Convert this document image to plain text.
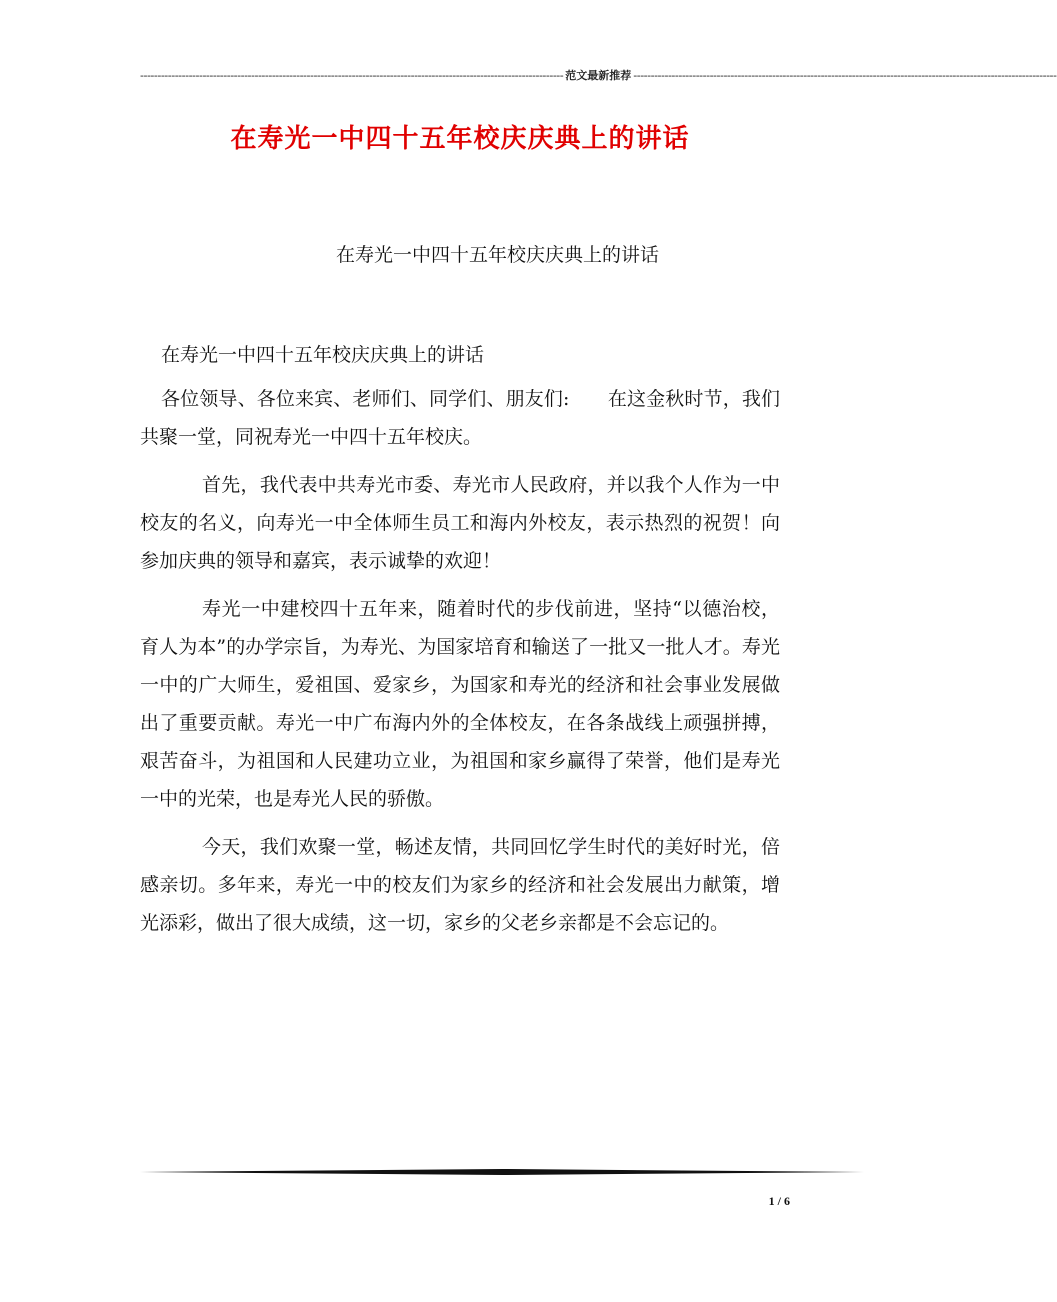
-------------------------------------------------------------------------------------------------------------------------- 范文最新推荐 --------------------------------------------------------------------------------------------------------------------------
在寿光一中四十五年校庆庆典上的讲话
在寿光一中四十五年校庆庆典上的讲话

在寿光一中四十五年校庆庆典上的讲话

各位领导、各位来宾、老师们、同学们、朋友们:　　在这金秋时节，我们共聚一堂，同祝寿光一中四十五年校庆。

首先，我代表中共寿光市委、寿光市人民政府，并以我个人作为一中校友的名义，向寿光一中全体师生员工和海内外校友，表示热烈的祝贺！向参加庆典的领导和嘉宾，表示诚挚的欢迎！

寿光一中建校四十五年来，随着时代的步伐前进，坚持“以德治校，育人为本”的办学宗旨，为寿光、为国家培育和输送了一批又一批人才。寿光一中的广大师生，爱祖国、爱家乡，为国家和寿光的经济和社会事业发展做出了重要贡献。寿光一中广布海内外的全体校友，在各条战线上顽强拼搏，艰苦奋斗，为祖国和人民建功立业，为祖国和家乡赢得了荣誉，他们是寿光一中的光荣，也是寿光人民的骄傲。

今天，我们欢聚一堂，畅述友情，共同回忆学生时代的美好时光，倍感亲切。多年来，寿光一中的校友们为家乡的经济和社会发展出力献策，增光添彩，做出了很大成绩，这一切，家乡的父老乡亲都是不会忘记的。

1 / 6
